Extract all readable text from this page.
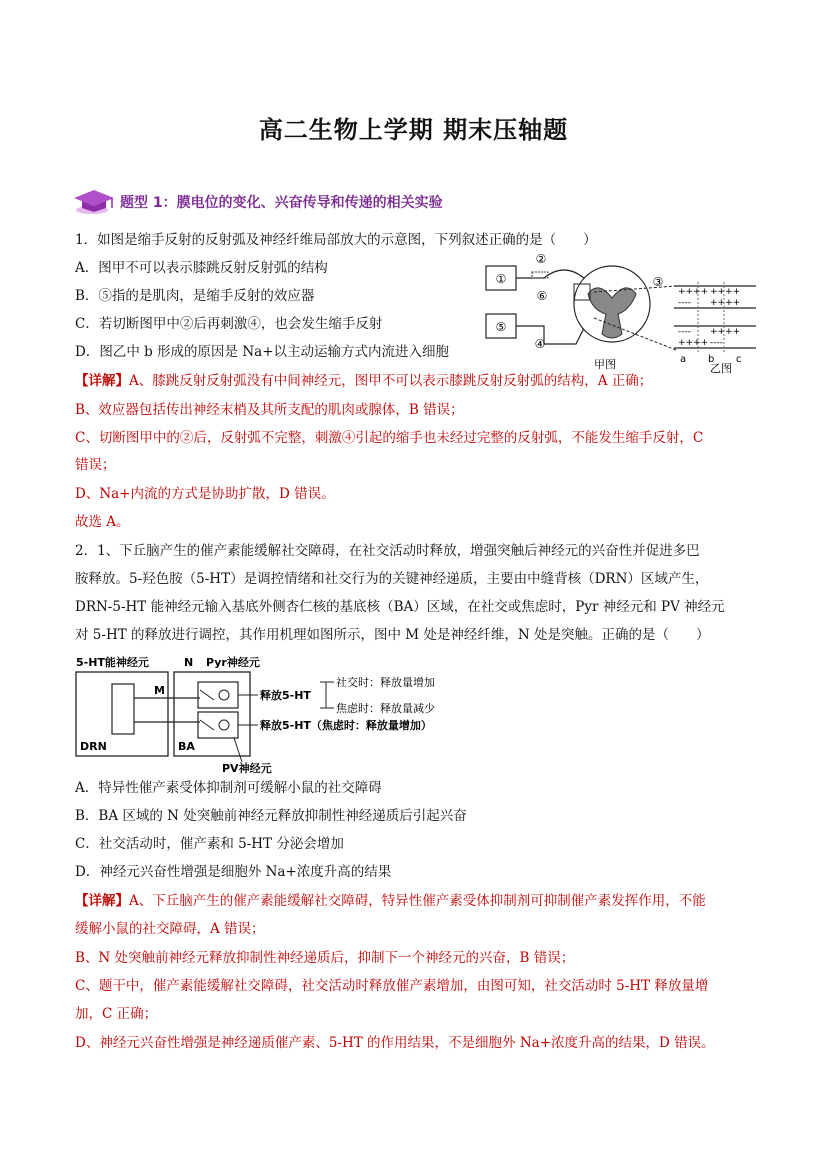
高二生物上学期 期末压轴题
题型 1：膜电位的变化、兴奋传导和传递的相关实验
1．如图是缩手反射的反射弧及神经纤维局部放大的示意图，下列叙述正确的是（　　）
A．图甲不可以表示膝跳反射反射弧的结构
B．⑤指的是肌肉，是缩手反射的效应器
C．若切断图甲中②后再刺激④，也会发生缩手反射
D．图乙中 b 形成的原因是 Na+以主动运输方式内流进入细胞
①
⑤
②
③
④
⑥	++++ ++++
---- ++++
---- ++++
++++ ----
a b c
甲图	乙图
【详解】A、膝跳反射反射弧没有中间神经元，图甲不可以表示膝跳反射反射弧的结构，A 正确；
B、效应器包括传出神经末梢及其所支配的肌肉或腺体，B 错误；
C、切断图甲中的②后，反射弧不完整，刺激④引起的缩手也未经过完整的反射弧，不能发生缩手反射，C
错误；
D、Na+内流的方式是协助扩散，D 错误。
故选 A。
2．1、下丘脑产生的催产素能缓解社交障碍，在社交活动时释放，增强突触后神经元的兴奋性并促进多巴
胺释放。5-羟色胺（5-HT）是调控情绪和社交行为的关键神经递质，主要由中缝背核（DRN）区域产生，
DRN-5-HT 能神经元输入基底外侧杏仁核的基底核（BA）区域，在社交或焦虑时，Pyr 神经元和 PV 神经元
对 5-HT 的释放进行调控，其作用机理如图所示，图中 M 处是神经纤维，N 处是突触。正确的是（　　）
5-HT能神经元	N Pyr神经元
M	释放5-HT
释放5-HT（焦虑时：释放量增加）
社交时：释放量增加
焦虑时：释放量减少
DRN	BA
PV神经元
A．特异性催产素受体抑制剂可缓解小鼠的社交障碍
B．BA 区域的 N 处突触前神经元释放抑制性神经递质后引起兴奋
C．社交活动时，催产素和 5-HT 分泌会增加
D．神经元兴奋性增强是细胞外 Na+浓度升高的结果
【详解】A、下丘脑产生的催产素能缓解社交障碍，特异性催产素受体抑制剂可抑制催产素发挥作用，不能
缓解小鼠的社交障碍，A 错误；
B、N 处突触前神经元释放抑制性神经递质后，抑制下一个神经元的兴奋，B 错误；
C、题干中，催产素能缓解社交障碍，社交活动时释放催产素增加，由图可知，社交活动时 5-HT 释放量增
加，C 正确；
D、神经元兴奋性增强是神经递质催产素、5-HT 的作用结果，不是细胞外 Na+浓度升高的结果，D 错误。
